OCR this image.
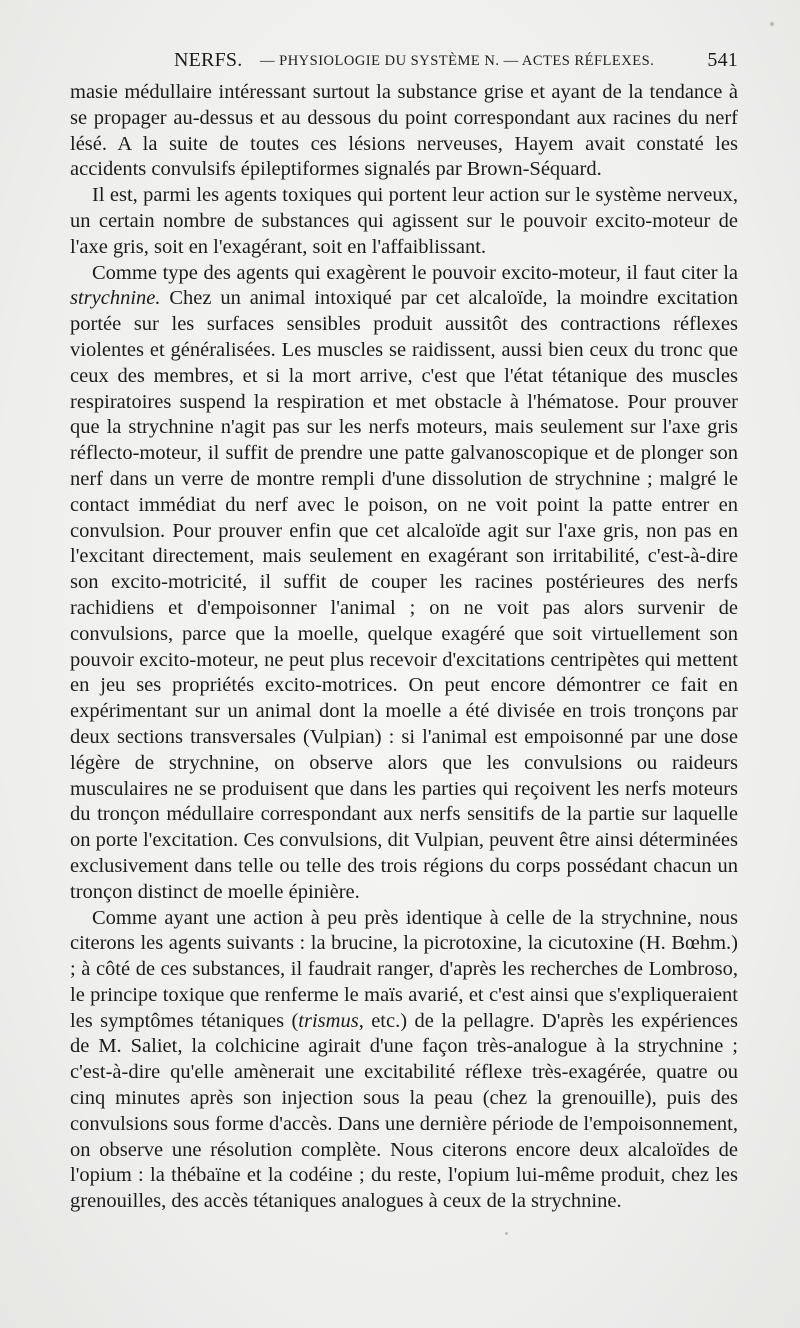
NERFS. — PHYSIOLOGIE DU SYSTÈME N. — ACTES RÉFLEXES.	541

masie médullaire intéressant surtout la substance grise et ayant de la tendance à se propager au-dessus et au dessous du point correspondant aux racines du nerf lésé. A la suite de toutes ces lésions nerveuses, Hayem avait constaté les accidents convulsifs épileptiformes signalés par Brown-Séquard.

Il est, parmi les agents toxiques qui portent leur action sur le système nerveux, un certain nombre de substances qui agissent sur le pouvoir excito-moteur de l'axe gris, soit en l'exagérant, soit en l'affaiblissant.

Comme type des agents qui exagèrent le pouvoir excito-moteur, il faut citer la strychnine. Chez un animal intoxiqué par cet alcaloïde, la moindre excitation portée sur les surfaces sensibles produit aussitôt des contractions réflexes violentes et généralisées. Les muscles se raidissent, aussi bien ceux du tronc que ceux des membres, et si la mort arrive, c'est que l'état tétanique des muscles respiratoires suspend la respiration et met obstacle à l'hématose. Pour prouver que la strychnine n'agit pas sur les nerfs moteurs, mais seulement sur l'axe gris réflecto-moteur, il suffit de prendre une patte galvanoscopique et de plonger son nerf dans un verre de montre rempli d'une dissolution de strychnine ; malgré le contact immédiat du nerf avec le poison, on ne voit point la patte entrer en convulsion. Pour prouver enfin que cet alcaloïde agit sur l'axe gris, non pas en l'excitant directement, mais seulement en exagérant son irritabilité, c'est-à-dire son excito-motricité, il suffit de couper les racines postérieures des nerfs rachidiens et d'empoisonner l'animal ; on ne voit pas alors survenir de convulsions, parce que la moelle, quelque exagéré que soit virtuellement son pouvoir excito-moteur, ne peut plus recevoir d'excitations centripètes qui mettent en jeu ses propriétés excito-motrices. On peut encore démontrer ce fait en expérimentant sur un animal dont la moelle a été divisée en trois tronçons par deux sections transversales (Vulpian) : si l'animal est empoisonné par une dose légère de strychnine, on observe alors que les convulsions ou raideurs musculaires ne se produisent que dans les parties qui reçoivent les nerfs moteurs du tronçon médullaire correspondant aux nerfs sensitifs de la partie sur laquelle on porte l'excitation. Ces convulsions, dit Vulpian, peuvent être ainsi déterminées exclusivement dans telle ou telle des trois régions du corps possédant chacun un tronçon distinct de moelle épinière.

Comme ayant une action à peu près identique à celle de la strychnine, nous citerons les agents suivants : la brucine, la picrotoxine, la cicutoxine (H. Bœhm.) ; à côté de ces substances, il faudrait ranger, d'après les recherches de Lombroso, le principe toxique que renferme le maïs avarié, et c'est ainsi que s'expliqueraient les symptômes tétaniques (trismus, etc.) de la pellagre. D'après les expériences de M. Saliet, la colchicine agirait d'une façon très-analogue à la strychnine ; c'est-à-dire qu'elle amènerait une excitabilité réflexe très-exagérée, quatre ou cinq minutes après son injection sous la peau (chez la grenouille), puis des convulsions sous forme d'accès. Dans une dernière période de l'empoisonnement, on observe une résolution complète. Nous citerons encore deux alcaloïdes de l'opium : la thébaïne et la codéine ; du reste, l'opium lui-même produit, chez les grenouilles, des accès tétaniques analogues à ceux de la strychnine.
